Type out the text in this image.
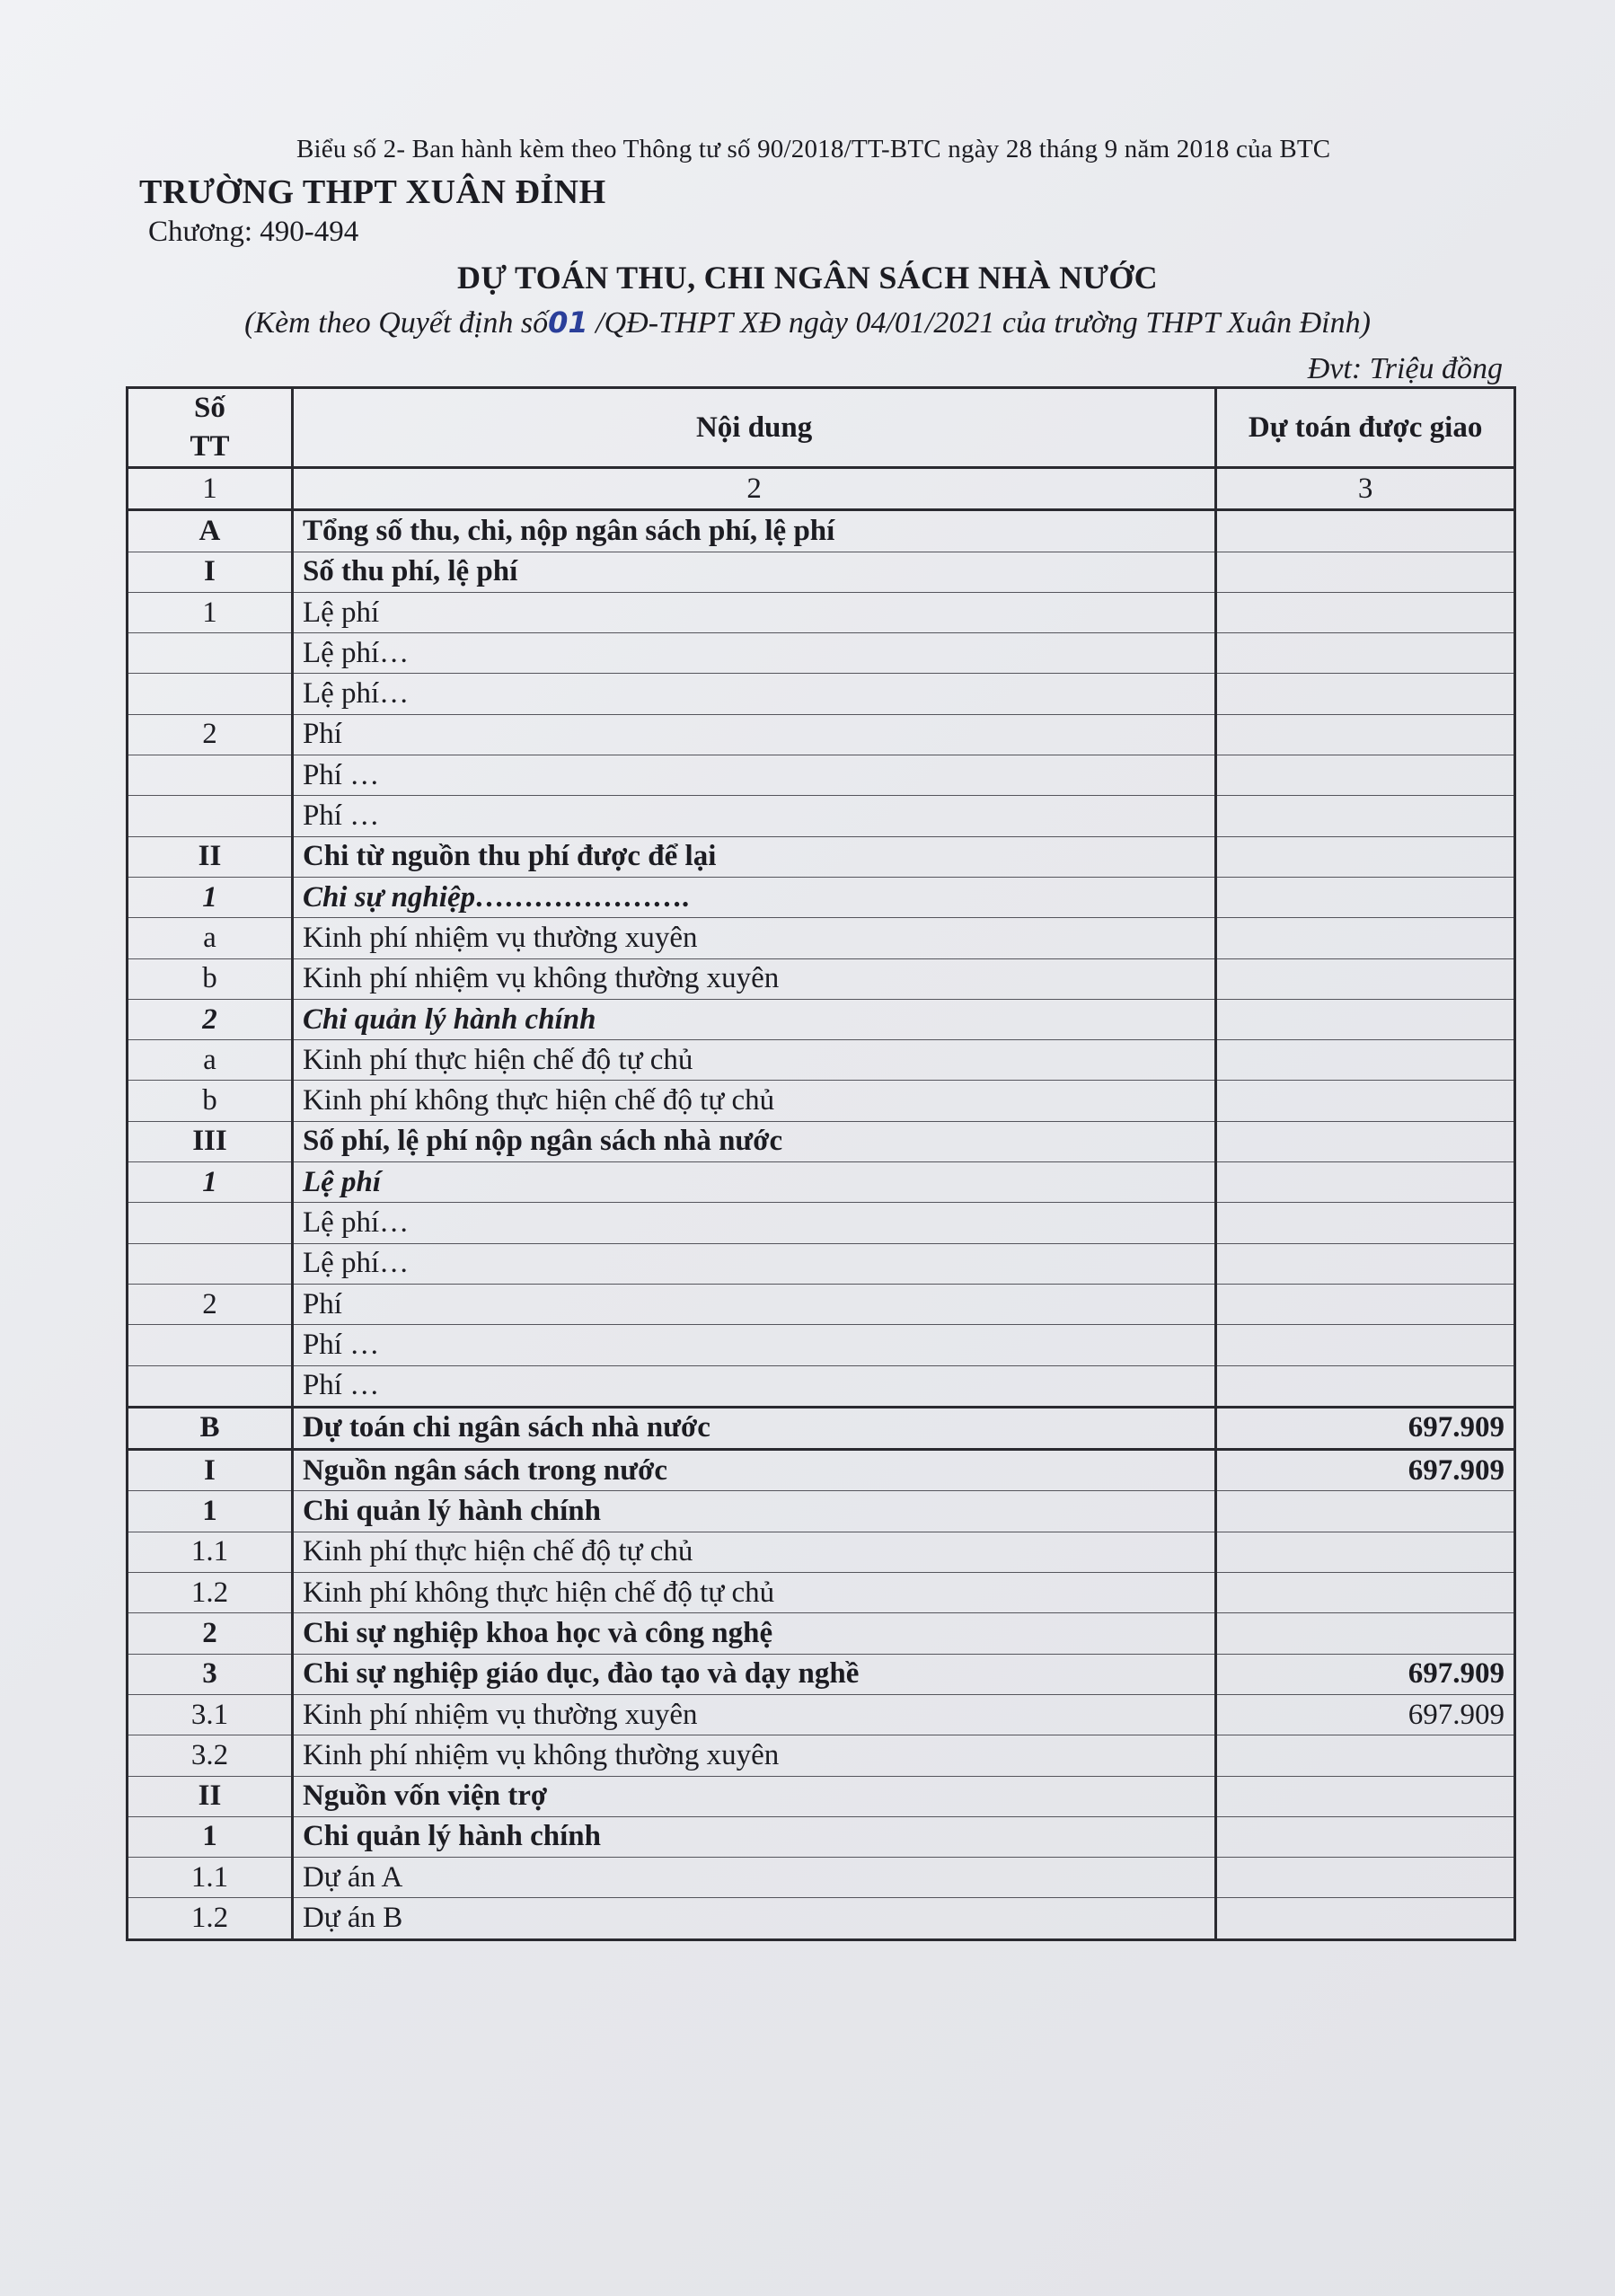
Biểu số 2- Ban hành kèm theo Thông tư số 90/2018/TT-BTC ngày 28 tháng 9 năm 2018 của BTC
TRƯỜNG THPT XUÂN ĐỈNH
Chương: 490-494
DỰ TOÁN THU, CHI NGÂN SÁCH NHÀ NƯỚC
(Kèm theo Quyết định số01 /QĐ-THPT XĐ ngày 04/01/2021 của trường THPT Xuân Đỉnh)
Đvt: Triệu đồng
Số
TT	Nội dung	Dự toán được giao
1	2	3
A	Tổng số thu, chi, nộp ngân sách phí, lệ phí	
I	Số thu phí, lệ phí	
1	Lệ phí	
	Lệ phí…	
	Lệ phí…	
2	Phí	
	Phí …	
	Phí …	
II	Chi từ nguồn thu phí được để lại	
1	Chi sự nghiệp………………….	
a	Kinh phí nhiệm vụ thường xuyên	
b	Kinh phí nhiệm vụ không thường xuyên	
2	Chi quản lý hành chính	
a	Kinh phí thực hiện chế độ tự chủ	
b	Kinh phí không thực hiện chế độ tự chủ	
III	Số phí, lệ phí nộp ngân sách nhà nước	
1	Lệ phí	
	Lệ phí…	
	Lệ phí…	
2	Phí	
	Phí …	
	Phí …	
B	Dự toán chi ngân sách nhà nước	697.909
I	Nguồn ngân sách trong nước	697.909
1	Chi quản lý hành chính	
1.1	Kinh phí thực hiện chế độ tự chủ	
1.2	Kinh phí không thực hiện chế độ tự chủ	
2	Chi sự nghiệp khoa học và công nghệ	
3	Chi sự nghiệp giáo dục, đào tạo và dạy nghề	697.909
3.1	Kinh phí nhiệm vụ thường xuyên	697.909
3.2	Kinh phí nhiệm vụ không thường xuyên	
II	Nguồn vốn viện trợ	
1	Chi quản lý hành chính	
1.1	Dự án A	
1.2	Dự án B	
